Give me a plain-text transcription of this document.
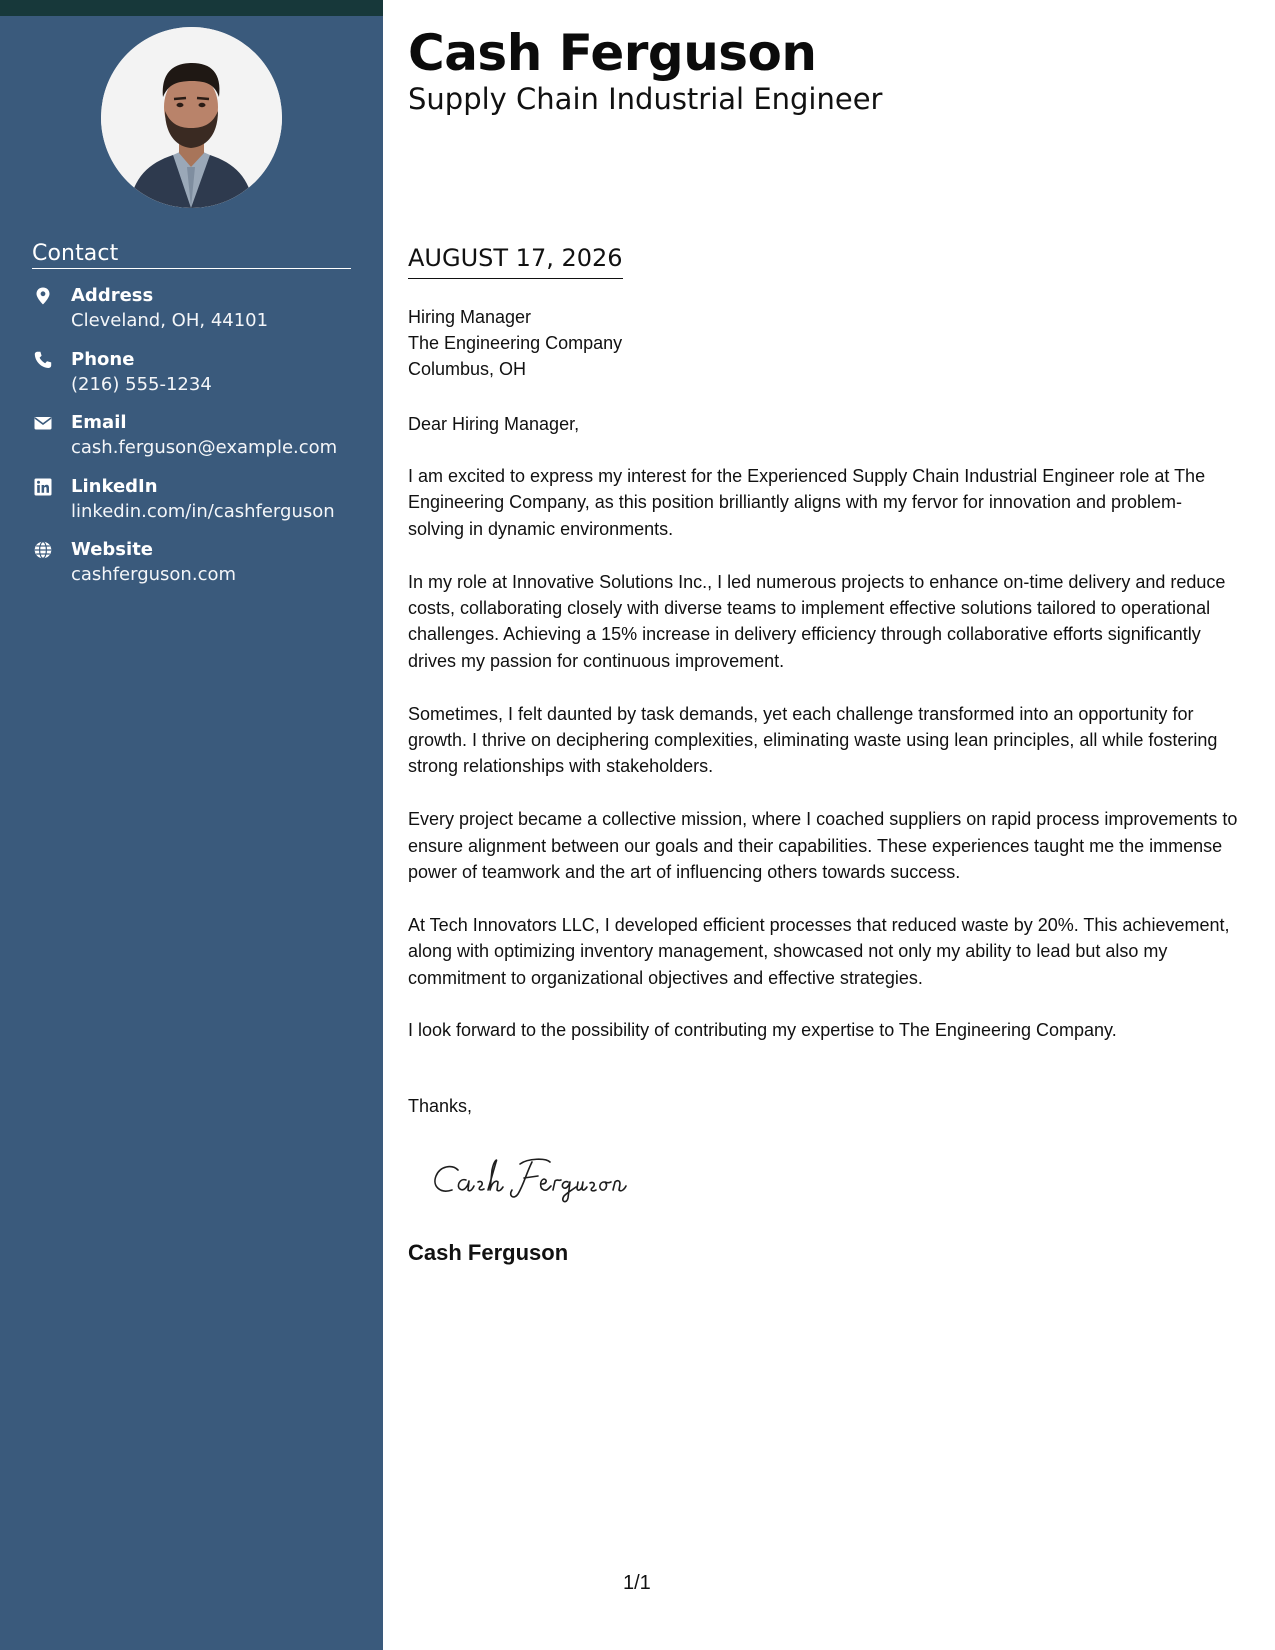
Contact
Address
Cleveland, OH, 44101
Phone
(216) 555-1234
Email
cash.ferguson@example.com
LinkedIn
linkedin.com/in/cashferguson
Website
cashferguson.com
Cash Ferguson
Supply Chain Industrial Engineer
AUGUST 17, 2026
Hiring Manager
The Engineering Company
Columbus, OH
Dear Hiring Manager,

I am excited to express my interest for the Experienced Supply Chain Industrial Engineer role at The Engineering Company, as this position brilliantly aligns with my fervor for innovation and problem-solving in dynamic environments.

In my role at Innovative Solutions Inc., I led numerous projects to enhance on-time delivery and reduce costs, collaborating closely with diverse teams to implement effective solutions tailored to operational challenges. Achieving a 15% increase in delivery efficiency through collaborative efforts significantly drives my passion for continuous improvement.

Sometimes, I felt daunted by task demands, yet each challenge transformed into an opportunity for growth. I thrive on deciphering complexities, eliminating waste using lean principles, all while fostering strong relationships with stakeholders.

Every project became a collective mission, where I coached suppliers on rapid process improvements to ensure alignment between our goals and their capabilities. These experiences taught me the immense power of teamwork and the art of influencing others towards success.

At Tech Innovators LLC, I developed efficient processes that reduced waste by 20%. This achievement, along with optimizing inventory management, showcased not only my ability to lead but also my commitment to organizational objectives and effective strategies.

I look forward to the possibility of contributing my expertise to The Engineering Company.

Thanks,
Cash Ferguson
1/1
